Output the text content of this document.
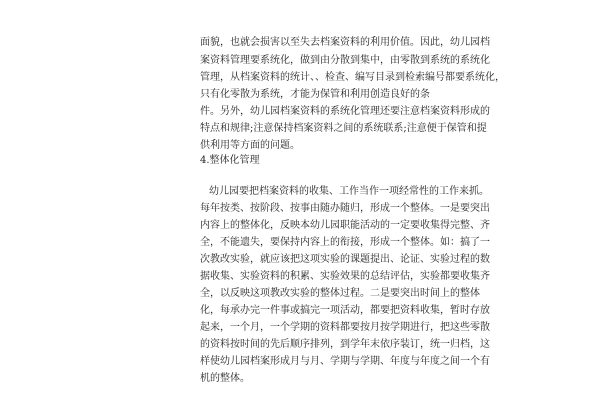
面貌，也就会损害以至失去档案资料的利用价值。因此，幼儿园档
案资料管理要系统化，做到由分散到集中，由零散到系统的系统化
管理，从档案资料的统计、、检查、编写目录到检索编号都要系统化，
只有化零散为系统，才能为保管和利用创造良好的条
件。另外，幼儿园档案资料的系统化管理还要注意档案资料形成的
特点和规律;注意保持档案资料之间的系统联系;注意便于保管和提
供利用等方面的问题。
4.整体化管理
幼儿园要把档案资料的收集、工作当作一项经常性的工作来抓。
每年按类、按阶段、按事由随办随归，形成一个整体。一是要突出
内容上的整体化，反映本幼儿园职能活动的一定要收集得完整、齐
全，不能遗失，要保持内容上的衔接，形成一个整体。如：搞了一
次教改实验，就应该把这项实验的课题提出、论证、实验过程的数
据收集、实验资料的积累、实验效果的总结评估，实验都要收集齐
全，以反映这项教改实验的整体过程。二是要突出时间上的整体
化，每承办完一件事或搞完一项活动，都要把资料收集，暂时存放
起来，一个月，一个学期的资料都要按月按学期进行，把这些零散
的资料按时间的先后顺序排列，到学年末依序装订，统一归档，这
样使幼儿园档案形成月与月、学期与学期、年度与年度之间一个有
机的整体。
